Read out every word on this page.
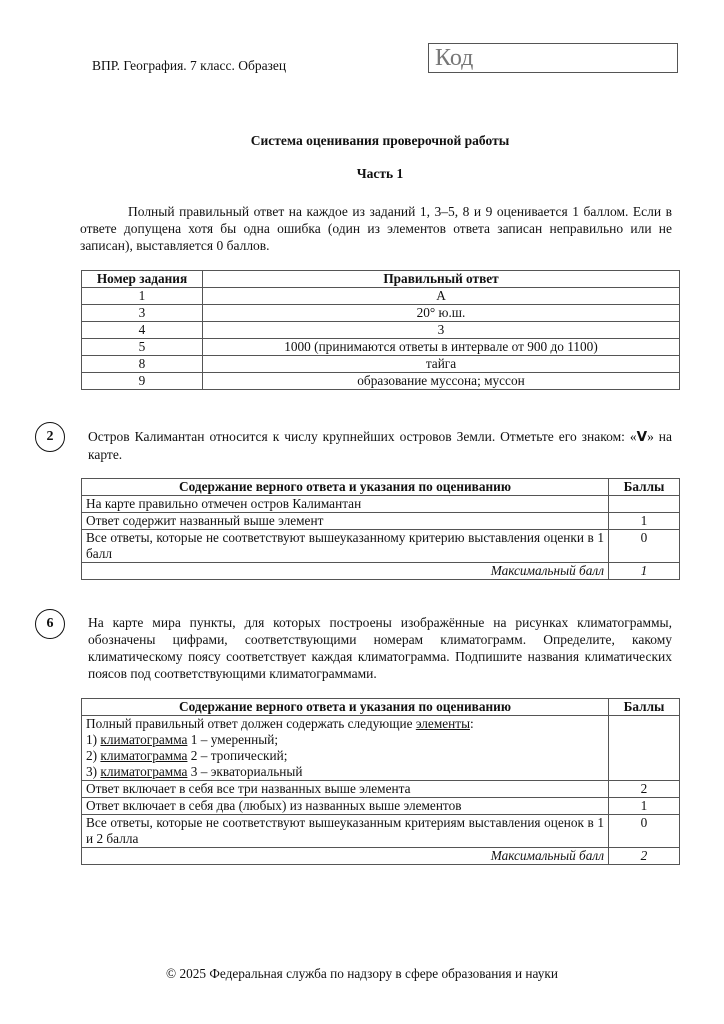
ВПР. География. 7 класс. Образец	Код
Система оценивания проверочной работы
Часть 1
Полный правильный ответ на каждое из заданий 1, 3–5, 8 и 9 оценивается 1 баллом. Если в ответе допущена хотя бы одна ошибка (один из элементов ответа записан неправильно или не записан), выставляется 0 баллов.
Номер задания	Правильный ответ
1	А
3	20° ю.ш.
4	3
5	1000 (принимаются ответы в интервале от 900 до 1100)
8	тайга
9	образование муссона; муссон
2	Остров Калимантан относится к числу крупнейших островов Земли. Отметьте его знаком: «V» на карте.
Содержание верного ответа и указания по оцениванию	Баллы
На карте правильно отмечен остров Калимантан	
Ответ содержит названный выше элемент	1
Все ответы, которые не соответствуют вышеуказанному критерию выставления оценки в 1 балл	0
Максимальный балл	1
6	На карте мира пункты, для которых построены изображённые на рисунках климатограммы, обозначены цифрами, соответствующими номерам климатограмм. Определите, какому климатическому поясу соответствует каждая климатограмма. Подпишите названия климатических поясов под соответствующими климатограммами.
Содержание верного ответа и указания по оцениванию	Баллы

Полный правильный ответ должен содержать следующие элементы:
1) климатограмма 1 – умеренный;
2) климатограмма 2 – тропический;
3) климатограмма 3 – экваториальный	

Ответ включает в себя все три названных выше элемента	2
Ответ включает в себя два (любых) из названных выше элементов	1
Все ответы, которые не соответствуют вышеуказанным критериям выставления оценок в 1 и 2 балла	0
Максимальный балл	2
© 2025 Федеральная служба по надзору в сфере образования и науки
